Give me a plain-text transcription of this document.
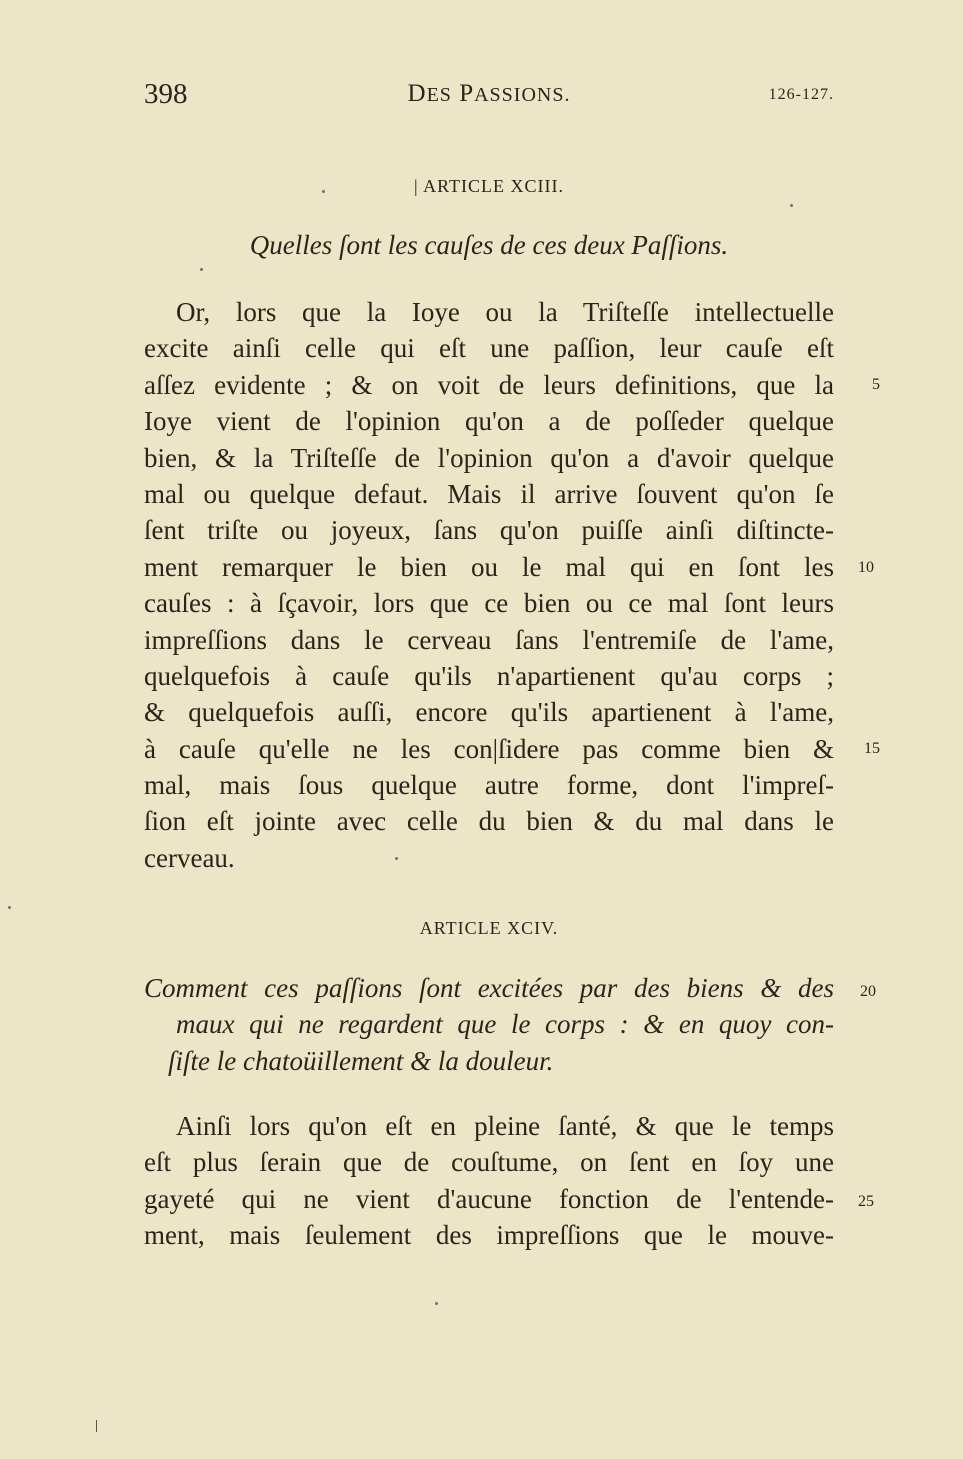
398	DES PASSIONS.	126-127.
| ARTICLE XCIII.
Quelles ſont les cauſes de ces deux Paſſions.
Or, lors que la Ioye ou la Triſteſſe intellectuelle
excite ainſi celle qui eſt une paſſion, leur cauſe eſt
aſſez evidente ; & on voit de leurs definitions, que la
Ioye vient de l'opinion qu'on a de poſſeder quelque
bien, & la Triſteſſe de l'opinion qu'on a d'avoir quelque
mal ou quelque defaut. Mais il arrive ſouvent qu'on ſe
ſent triſte ou joyeux, ſans qu'on puiſſe ainſi diſtincte-
ment remarquer le bien ou le mal qui en ſont les
cauſes : à ſçavoir, lors que ce bien ou ce mal ſont leurs
impreſſions dans le cerveau ſans l'entremiſe de l'ame,
quelquefois à cauſe qu'ils n'apartienent qu'au corps ;
& quelquefois auſſi, encore qu'ils apartienent à l'ame,
à cauſe qu'elle ne les con|ſidere pas comme bien &
mal, mais ſous quelque autre forme, dont l'impreſ-
ſion eſt jointe avec celle du bien & du mal dans le
cerveau.
ARTICLE XCIV.
Comment ces paſſions ſont excitées par des biens & des
maux qui ne regardent que le corps : & en quoy con-
ſiſte le chatoüillement & la douleur.
Ainſi lors qu'on eſt en pleine ſanté, & que le temps
eſt plus ſerain que de couſtume, on ſent en ſoy une
gayeté qui ne vient d'aucune fonction de l'entende-
ment, mais ſeulement des impreſſions que le mouve-
5
10
15
20
25
